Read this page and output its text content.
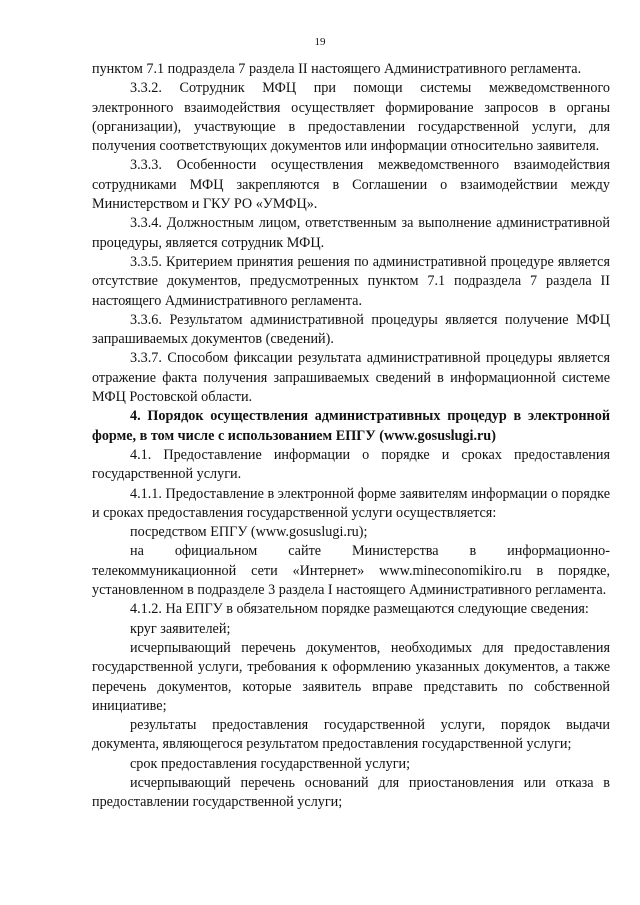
19

пунктом 7.1 подраздела 7 раздела II настоящего Административного регламента.

3.3.2. Сотрудник МФЦ при помощи системы межведомственного электронного взаимодействия осуществляет формирование запросов в органы (организации), участвующие в предоставлении государственной услуги, для получения соответствующих документов или информации относительно заявителя.

3.3.3. Особенности осуществления межведомственного взаимодействия сотрудниками МФЦ закрепляются в Соглашении о взаимодействии между Министерством и ГКУ РО «УМФЦ».

3.3.4. Должностным лицом, ответственным за выполнение административной процедуры, является сотрудник МФЦ.

3.3.5. Критерием принятия решения по административной процедуре является отсутствие документов, предусмотренных пунктом 7.1 подраздела 7 раздела II настоящего Административного регламента.

3.3.6. Результатом административной процедуры является получение МФЦ запрашиваемых документов (сведений).

3.3.7. Способом фиксации результата административной процедуры является отражение факта получения запрашиваемых сведений в информационной системе МФЦ Ростовской области.

4. Порядок осуществления административных процедур в электронной форме, в том числе с использованием ЕПГУ (www.gosuslugi.ru)

4.1. Предоставление информации о порядке и сроках предоставления государственной услуги.

4.1.1. Предоставление в электронной форме заявителям информации о порядке и сроках предоставления государственной услуги осуществляется:

посредством ЕПГУ (www.gosuslugi.ru);

на официальном сайте Министерства в информационно-телекоммуникационной сети «Интернет» www.mineconomikiro.ru в порядке, установленном в подразделе 3 раздела I настоящего Административного регламента.

4.1.2. На ЕПГУ в обязательном порядке размещаются следующие сведения:

круг заявителей;

исчерпывающий перечень документов, необходимых для предоставления государственной услуги, требования к оформлению указанных документов, а также перечень документов, которые заявитель вправе представить по собственной инициативе;

результаты предоставления государственной услуги, порядок выдачи документа, являющегося результатом предоставления государственной услуги;

срок предоставления государственной услуги;

исчерпывающий перечень оснований для приостановления или отказа в предоставлении государственной услуги;
